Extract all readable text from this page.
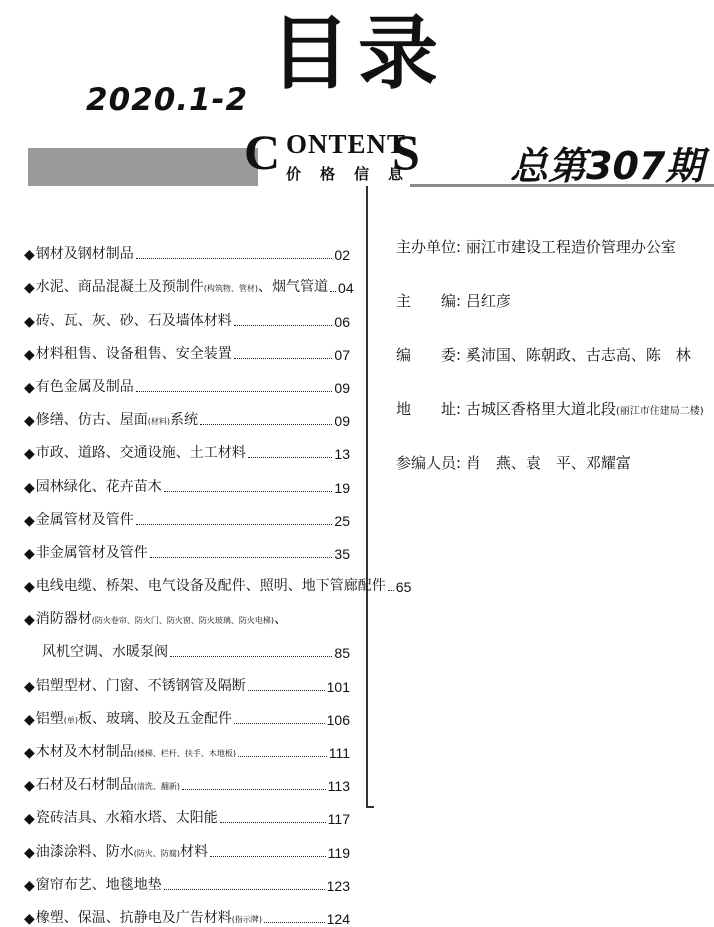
2020.1-2 目录
C ONTENT
S
价格信息 总第307期
◆ 钢材及钢材制品	02
◆ 水泥、商品混凝土及预制件(构筑物、管材)、烟气管道 04
◆ 砖、瓦、灰、砂、石及墙体材料	06
◆ 材料租售、设备租售、安全装置	07
◆ 有色金属及制品	09
◆ 修缮、仿古、屋面(材料)系统	09
◆ 市政、道路、交通设施、土工材料	13
◆ 园林绿化、花卉苗木	19
◆ 金属管材及管件	25
◆ 非金属管材及管件	35
◆ 电线电缆、桥架、电气设备及配件、照明、地下管廊配件 65
◆ 消防器材(防火卷帘、防火门、防火窗、防火玻璃、防火电梯)、
风机空调、水暖泵阀	85
◆ 铝塑型材、门窗、不锈钢管及隔断	101
◆ 铝塑(单)板、玻璃、胶及五金配件	106
◆ 木材及木材制品(楼梯、栏杆、扶手、木地板)	111
◆ 石材及石材制品(清洗、翻新)	113
◆ 瓷砖洁具、水箱水塔、太阳能	117
◆ 油漆涂料、防水(防火、防腐)材料	119
◆ 窗帘布艺、地毯地垫	123
◆ 橡塑、保温、抗静电及广告材料(指示牌)	124
主办单位: 丽江市建设工程造价管理办公室
主　　编: 吕红彦
编　　委: 奚沛国、陈朝政、古志高、陈　林
地　　址: 古城区香格里大道北段(丽江市住建局二楼)
参编人员: 肖　燕、袁　平、邓耀富
